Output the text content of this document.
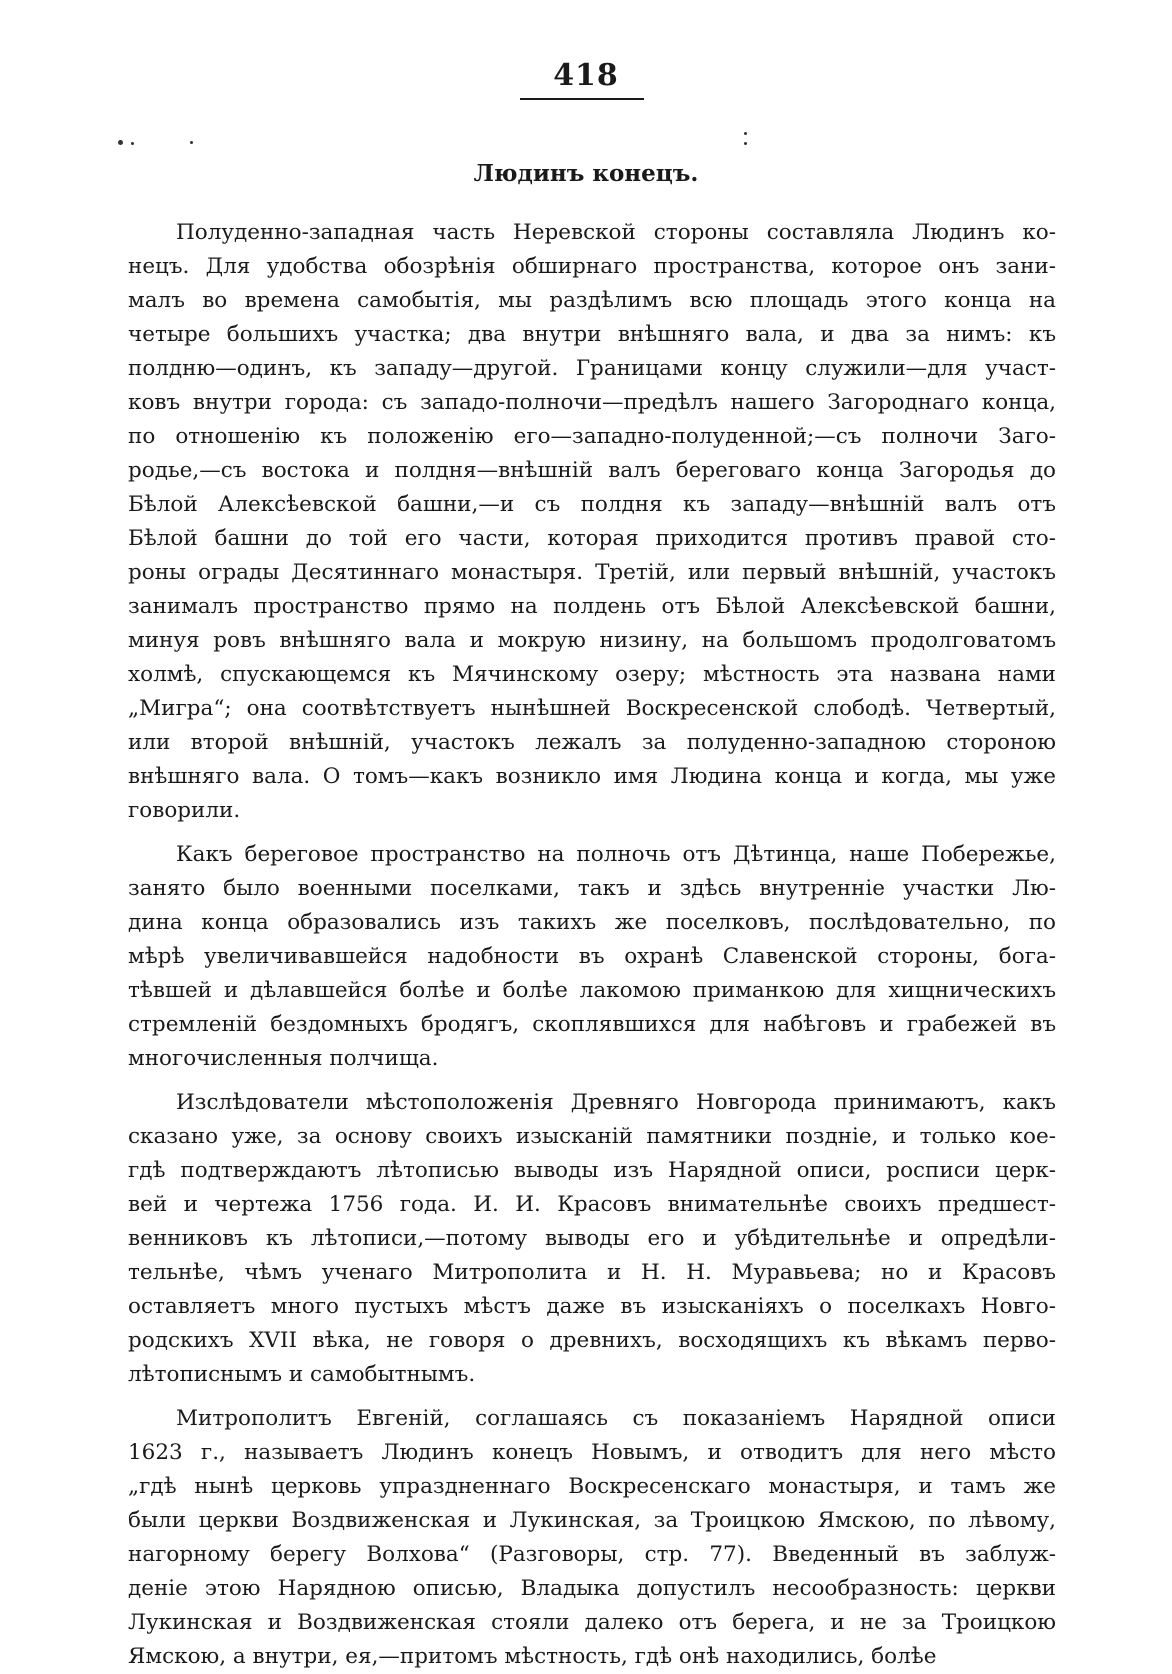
418
Людинъ конецъ.
Полуденно-западная часть Неревской стороны составляла Людинъ ко-
нецъ. Для удобства обозрѣнія обширнаго пространства, которое онъ зани-
малъ во времена самобытія, мы раздѣлимъ всю площадь этого конца на
четыре большихъ участка; два внутри внѣшняго вала, и два за нимъ: къ
полдню—одинъ, къ западу—другой. Границами концу служили—для участ-
ковъ внутри города: съ западо-полночи—предѣлъ нашего Загороднаго конца,
по отношенію къ положенію его—западно-полуденной;—съ полночи Заго-
родье,—съ востока и полдня—внѣшній валъ береговаго конца Загородья до
Бѣлой Алексѣевской башни,—и съ полдня къ западу—внѣшній валъ отъ
Бѣлой башни до той его части, которая приходится противъ правой сто-
роны ограды Десятиннаго монастыря. Третій, или первый внѣшній, участокъ
занималъ пространство прямо на полдень отъ Бѣлой Алексѣевской башни,
минуя ровъ внѣшняго вала и мокрую низину, на большомъ продолговатомъ
холмѣ, спускающемся къ Мячинскому озеру; мѣстность эта названа нами
„Мигра“; она соотвѣтствуетъ нынѣшней Воскресенской слободѣ. Четвертый,
или второй внѣшній, участокъ лежалъ за полуденно-западною стороною
внѣшняго вала. О томъ—какъ возникло имя Людина конца и когда, мы уже
говорили.
Какъ береговое пространство на полночь отъ Дѣтинца, наше Побережье,
занято было военными поселками, такъ и здѣсь внутренніе участки Лю-
дина конца образовались изъ такихъ же поселковъ, послѣдовательно, по
мѣрѣ увеличивавшейся надобности въ охранѣ Славенской стороны, бога-
тѣвшей и дѣлавшейся болѣе и болѣе лакомою приманкою для хищническихъ
стремленій бездомныхъ бродягъ, скоплявшихся для набѣговъ и грабежей въ
многочисленныя полчища.
Изслѣдователи мѣстоположенія Древняго Новгорода принимаютъ, какъ
сказано уже, за основу своихъ изысканій памятники поздніе, и только кое-
гдѣ подтверждаютъ лѣтописью выводы изъ Нарядной описи, росписи церк-
вей и чертежа 1756 года. И. И. Красовъ внимательнѣе своихъ предшест-
венниковъ къ лѣтописи,—потому выводы его и убѣдительнѣе и опредѣли-
тельнѣе, чѣмъ ученаго Митрополита и Н. Н. Муравьева; но и Красовъ
оставляетъ много пустыхъ мѣстъ даже въ изысканіяхъ о поселкахъ Новго-
родскихъ XVII вѣка, не говоря о древнихъ, восходящихъ къ вѣкамъ перво-
лѣтописнымъ и самобытнымъ.
Митрополитъ Евгеній, соглашаясь съ показаніемъ Нарядной описи
1623 г., называетъ Людинъ конецъ Новымъ, и отводитъ для него мѣсто
„гдѣ нынѣ церковь упраздненнаго Воскресенскаго монастыря, и тамъ же
были церкви Воздвиженская и Лукинская, за Троицкою Ямскою, по лѣвому,
нагорному берегу Волхова“ (Разговоры, стр. 77). Введенный въ заблуж-
деніе этою Нарядною описью, Владыка допустилъ несообразность: церкви
Лукинская и Воздвиженская стояли далеко отъ берега, и не за Троицкою
Ямскою, а внутри, ея,—притомъ мѣстность, гдѣ онѣ находились, болѣе
